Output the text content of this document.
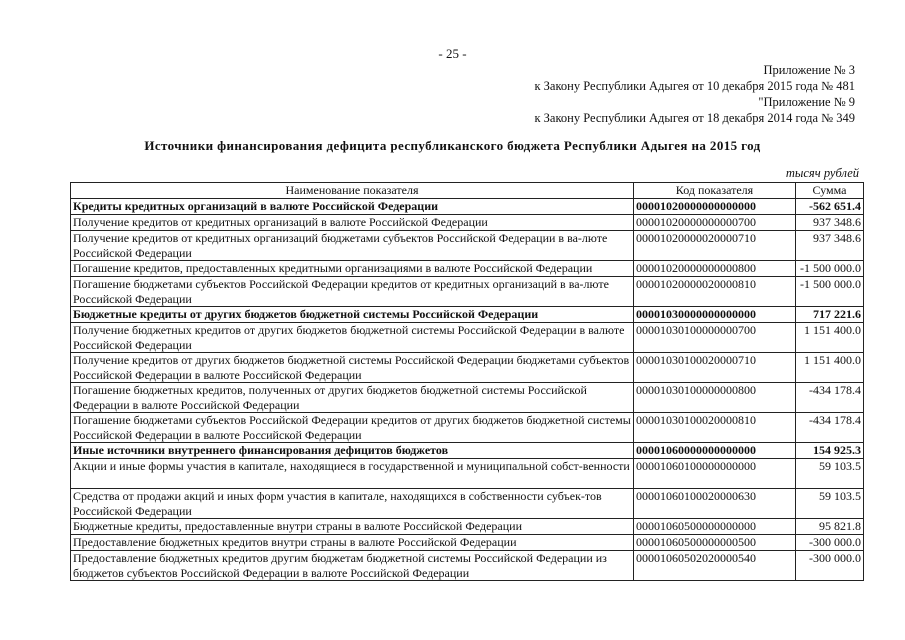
- 25 -
Приложение № 3
к Закону Республики Адыгея от 10 декабря 2015 года № 481
"Приложение № 9
к Закону Республики Адыгея от 18 декабря 2014 года № 349
Источники финансирования дефицита республиканского бюджета Республики Адыгея на 2015 год
тысяч рублей
Наименование показателя	Код показателя	Сумма
Кредиты кредитных организаций в валюте Российской Федерации	00001020000000000000	-562 651.4
Получение кредитов от кредитных организаций в валюте Российской Федерации	00001020000000000700	937 348.6
Получение кредитов от кредитных организаций бюджетами субъектов Российской Федерации в ва-люте Российской Федерации	00001020000020000710	937 348.6
Погашение кредитов, предоставленных кредитными организациями в валюте Российской Федерации	00001020000000000800	-1 500 000.0
Погашение бюджетами субъектов Российской Федерации кредитов от кредитных организаций в ва-люте Российской Федерации	00001020000020000810	-1 500 000.0
Бюджетные кредиты от других бюджетов бюджетной системы Российской Федерации	00001030000000000000	717 221.6
Получение бюджетных кредитов от других бюджетов бюджетной системы Российской Федерации в валюте Российской Федерации	00001030100000000700	1 151 400.0
Получение кредитов от других бюджетов бюджетной системы Российской Федерации бюджетами субъектов Российской Федерации в валюте Российской Федерации	00001030100020000710	1 151 400.0
Погашение бюджетных кредитов, полученных от других бюджетов бюджетной системы Российской Федерации в валюте Российской Федерации	00001030100000000800	-434 178.4
Погашение бюджетами субъектов Российской Федерации кредитов от других бюджетов бюджетной системы Российской Федерации в валюте Российской Федерации	00001030100020000810	-434 178.4
Иные источники внутреннего финансирования дефицитов бюджетов	00001060000000000000	154 925.3
Акции и иные формы участия в капитале, находящиеся в государственной и муниципальной собст-венности	00001060100000000000	59 103.5
Средства от продажи акций и иных форм участия в капитале, находящихся в собственности субъек-тов Российской Федерации	00001060100020000630	59 103.5
Бюджетные кредиты, предоставленные внутри страны в валюте Российской Федерации	00001060500000000000	95 821.8
Предоставление бюджетных кредитов внутри страны в валюте Российской Федерации	00001060500000000500	-300 000.0
Предоставление бюджетных кредитов другим бюджетам бюджетной системы Российской Федерации из бюджетов субъектов Российской Федерации в валюте Российской Федерации	00001060502020000540	-300 000.0
